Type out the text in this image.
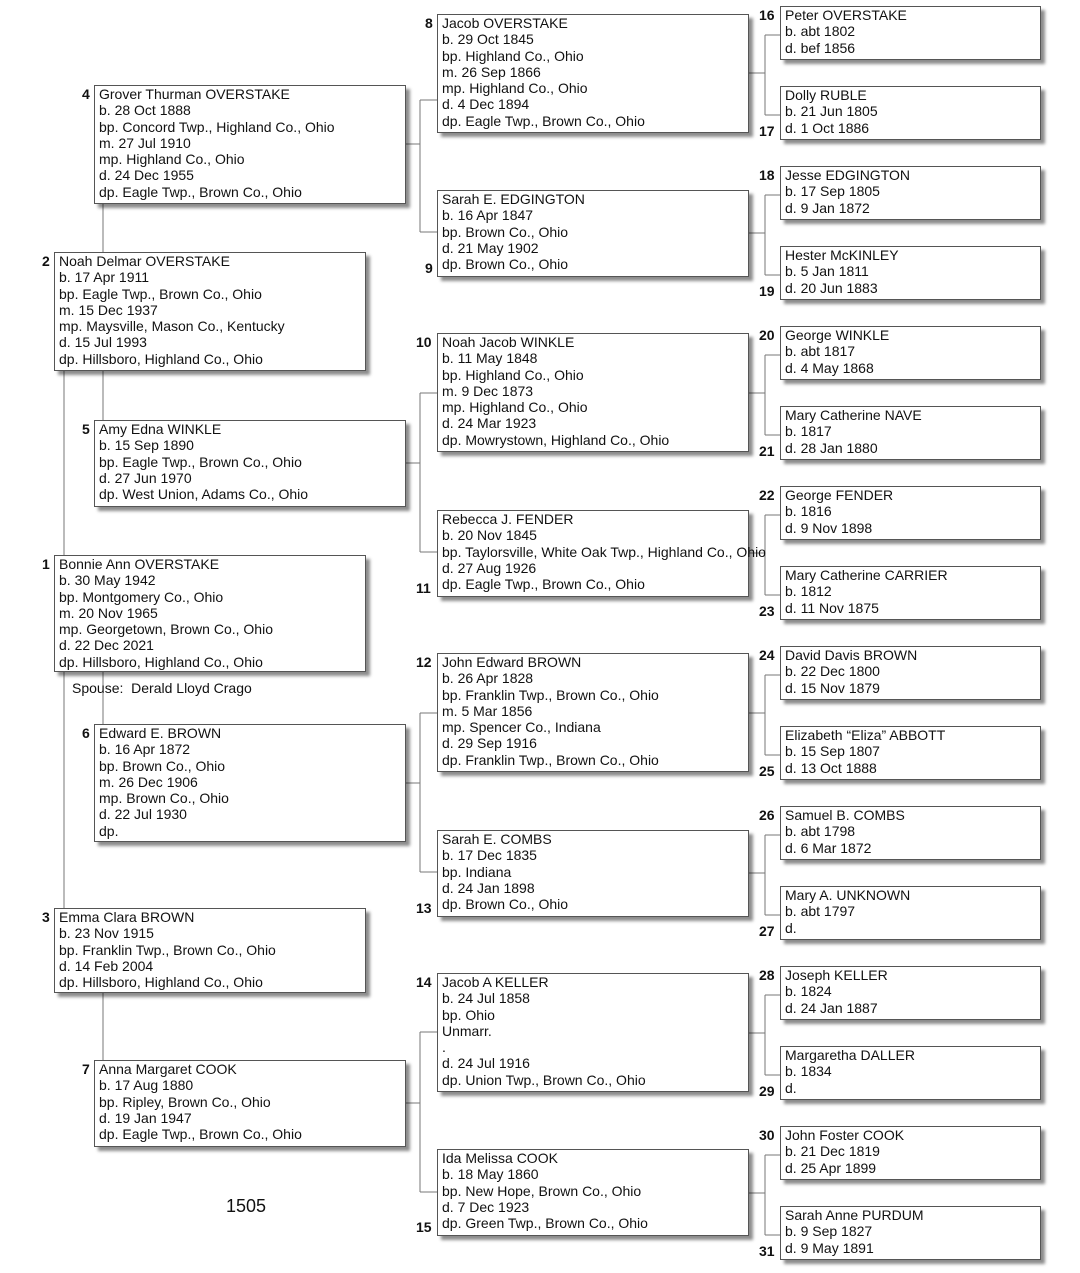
Bonnie Ann OVERSTAKE
b. 30 May 1942
bp. Montgomery Co., Ohio
m. 20 Nov 1965
mp. Georgetown, Brown Co., Ohio
d. 22 Dec 2021
dp. Hillsboro, Highland Co., Ohio
1
Noah Delmar OVERSTAKE
b. 17 Apr 1911
bp. Eagle Twp., Brown Co., Ohio
m. 15 Dec 1937
mp. Maysville, Mason Co., Kentucky
d. 15 Jul 1993
dp. Hillsboro, Highland Co., Ohio
2
Emma Clara BROWN
b. 23 Nov 1915
bp. Franklin Twp., Brown Co., Ohio
d. 14 Feb 2004
dp. Hillsboro, Highland Co., Ohio
3
Grover Thurman OVERSTAKE
b. 28 Oct 1888
bp. Concord Twp., Highland Co., Ohio
m. 27 Jul 1910
mp. Highland Co., Ohio
d. 24 Dec 1955
dp. Eagle Twp., Brown Co., Ohio
4
Amy Edna WINKLE
b. 15 Sep 1890
bp. Eagle Twp., Brown Co., Ohio
d. 27 Jun 1970
dp. West Union, Adams Co., Ohio
5
Edward E. BROWN
b. 16 Apr 1872
bp. Brown Co., Ohio
m. 26 Dec 1906
mp. Brown Co., Ohio
d. 22 Jul 1930
dp.
6
Anna Margaret COOK
b. 17 Aug 1880
bp. Ripley, Brown Co., Ohio
d. 19 Jan 1947
dp. Eagle Twp., Brown Co., Ohio
7
Jacob OVERSTAKE
b. 29 Oct 1845
bp. Highland Co., Ohio
m. 26 Sep 1866
mp. Highland Co., Ohio
d. 4 Dec 1894
dp. Eagle Twp., Brown Co., Ohio
8
Sarah E. EDGINGTON
b. 16 Apr 1847
bp. Brown Co., Ohio
d. 21 May 1902
dp. Brown Co., Ohio
9
Noah Jacob WINKLE
b. 11 May 1848
bp. Highland Co., Ohio
m. 9 Dec 1873
mp. Highland Co., Ohio
d. 24 Mar 1923
dp. Mowrystown, Highland Co., Ohio
10
Rebecca J. FENDER
b. 20 Nov 1845
bp. Taylorsville, White Oak Twp., Highland Co., Ohio
d. 27 Aug 1926
dp. Eagle Twp., Brown Co., Ohio
11
John Edward BROWN
b. 26 Apr 1828
bp. Franklin Twp., Brown Co., Ohio
m. 5 Mar 1856
mp. Spencer Co., Indiana
d. 29 Sep 1916
dp. Franklin Twp., Brown Co., Ohio
12
Sarah E. COMBS
b. 17 Dec 1835
bp. Indiana
d. 24 Jan 1898
dp. Brown Co., Ohio
13
Jacob A KELLER
b. 24 Jul 1858
bp. Ohio
Unmarr.
.
d. 24 Jul 1916
dp. Union Twp., Brown Co., Ohio
14
Ida Melissa COOK
b. 18 May 1860
bp. New Hope, Brown Co., Ohio
d. 7 Dec 1923
dp. Green Twp., Brown Co., Ohio
15
Peter OVERSTAKE
b. abt 1802
d. bef 1856
16
Dolly RUBLE
b. 21 Jun 1805
d. 1 Oct 1886
17
Jesse EDGINGTON
b. 17 Sep 1805
d. 9 Jan 1872
18
Hester McKINLEY
b. 5 Jan 1811
d. 20 Jun 1883
19
George WINKLE
b. abt 1817
d. 4 May 1868
20
Mary Catherine NAVE
b. 1817
d. 28 Jan 1880
21
George FENDER
b. 1816
d. 9 Nov 1898
22
Mary Catherine CARRIER
b. 1812
d. 11 Nov 1875
23
David Davis BROWN
b. 22 Dec 1800
d. 15 Nov 1879
24
Elizabeth “Eliza” ABBOTT
b. 15 Sep 1807
d. 13 Oct 1888
25
Samuel B. COMBS
b. abt 1798
d. 6 Mar 1872
26
Mary A. UNKNOWN
b. abt 1797
d.
27
Joseph KELLER
b. 1824
d. 24 Jan 1887
28
Margaretha DALLER
b. 1834
d.
29
John Foster COOK
b. 21 Dec 1819
d. 25 Apr 1899
30
Sarah Anne PURDUM
b. 9 Sep 1827
d. 9 May 1891
31
Spouse: Derald Lloyd Crago
1505
